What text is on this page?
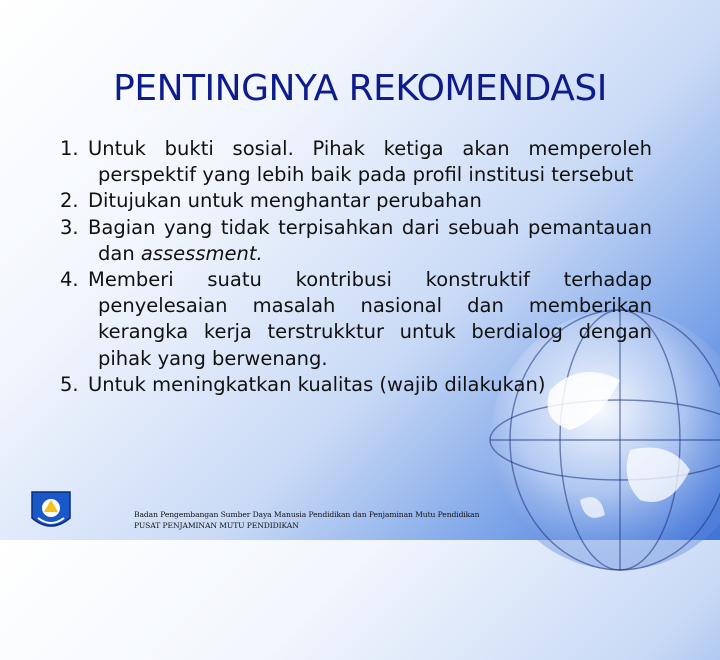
PENTINGNYA REKOMENDASI

1. Untuk bukti sosial. Pihak ketiga akan memperoleh perspektif yang lebih baik pada profil institusi tersebut

2. Ditujukan untuk menghantar perubahan

3. Bagian yang tidak terpisahkan dari sebuah pemantauan dan assessment.

4. Memberi suatu kontribusi konstruktif terhadap penyelesaian masalah nasional dan memberikan kerangka kerja terstrukktur untuk berdialog dengan pihak yang berwenang.

5. Untuk meningkatkan kualitas (wajib dilakukan)

Badan Pengembangan Sumber Daya Manusia Pendidikan dan Penjaminan Mutu Pendidikan
PUSAT PENJAMINAN MUTU PENDIDIKAN
